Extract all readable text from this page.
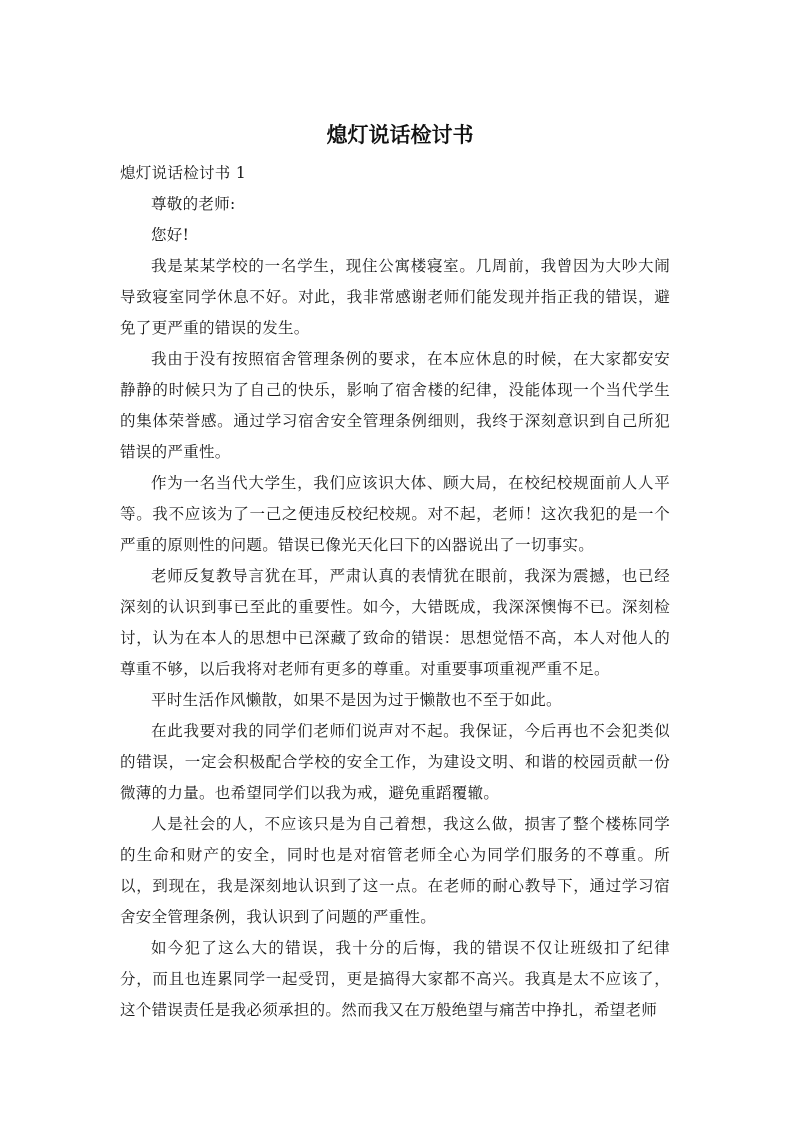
熄灯说话检讨书

熄灯说话检讨书 1

尊敬的老师:

您好!

我是某某学校的一名学生，现住公寓楼寝室。几周前，我曾因为大吵大闹导致寝室同学休息不好。对此，我非常感谢老师们能发现并指正我的错误，避免了更严重的错误的发生。

我由于没有按照宿舍管理条例的要求，在本应休息的时候，在大家都安安静静的时候只为了自己的快乐，影响了宿舍楼的纪律，没能体现一个当代学生的集体荣誉感。通过学习宿舍安全管理条例细则，我终于深刻意识到自己所犯错误的严重性。

作为一名当代大学生，我们应该识大体、顾大局，在校纪校规面前人人平等。我不应该为了一己之便违反校纪校规。对不起，老师！这次我犯的是一个严重的原则性的问题。错误已像光天化曰下的凶器说出了一切事实。

老师反复教导言犹在耳，严肃认真的表情犹在眼前，我深为震撼，也已经深刻的认识到事已至此的重要性。如今，大错既成，我深深懊悔不已。深刻检讨，认为在本人的思想中已深藏了致命的错误：思想觉悟不高，本人对他人的尊重不够，以后我将对老师有更多的尊重。对重要事项重视严重不足。

平时生活作风懒散，如果不是因为过于懒散也不至于如此。

在此我要对我的同学们老师们说声对不起。我保证，今后再也不会犯类似的错误，一定会积极配合学校的安全工作，为建设文明、和谐的校园贡献一份微薄的力量。也希望同学们以我为戒，避免重蹈覆辙。

人是社会的人，不应该只是为自己着想，我这么做，损害了整个楼栋同学的生命和财产的安全，同时也是对宿管老师全心为同学们服务的不尊重。所以，到现在，我是深刻地认识到了这一点。在老师的耐心教导下，通过学习宿舍安全管理条例，我认识到了问题的严重性。

如今犯了这么大的错误，我十分的后悔，我的错误不仅让班级扣了纪律分，而且也连累同学一起受罚，更是搞得大家都不高兴。我真是太不应该了，这个错误责任是我必须承担的。然而我又在万般绝望与痛苦中挣扎，希望老师
